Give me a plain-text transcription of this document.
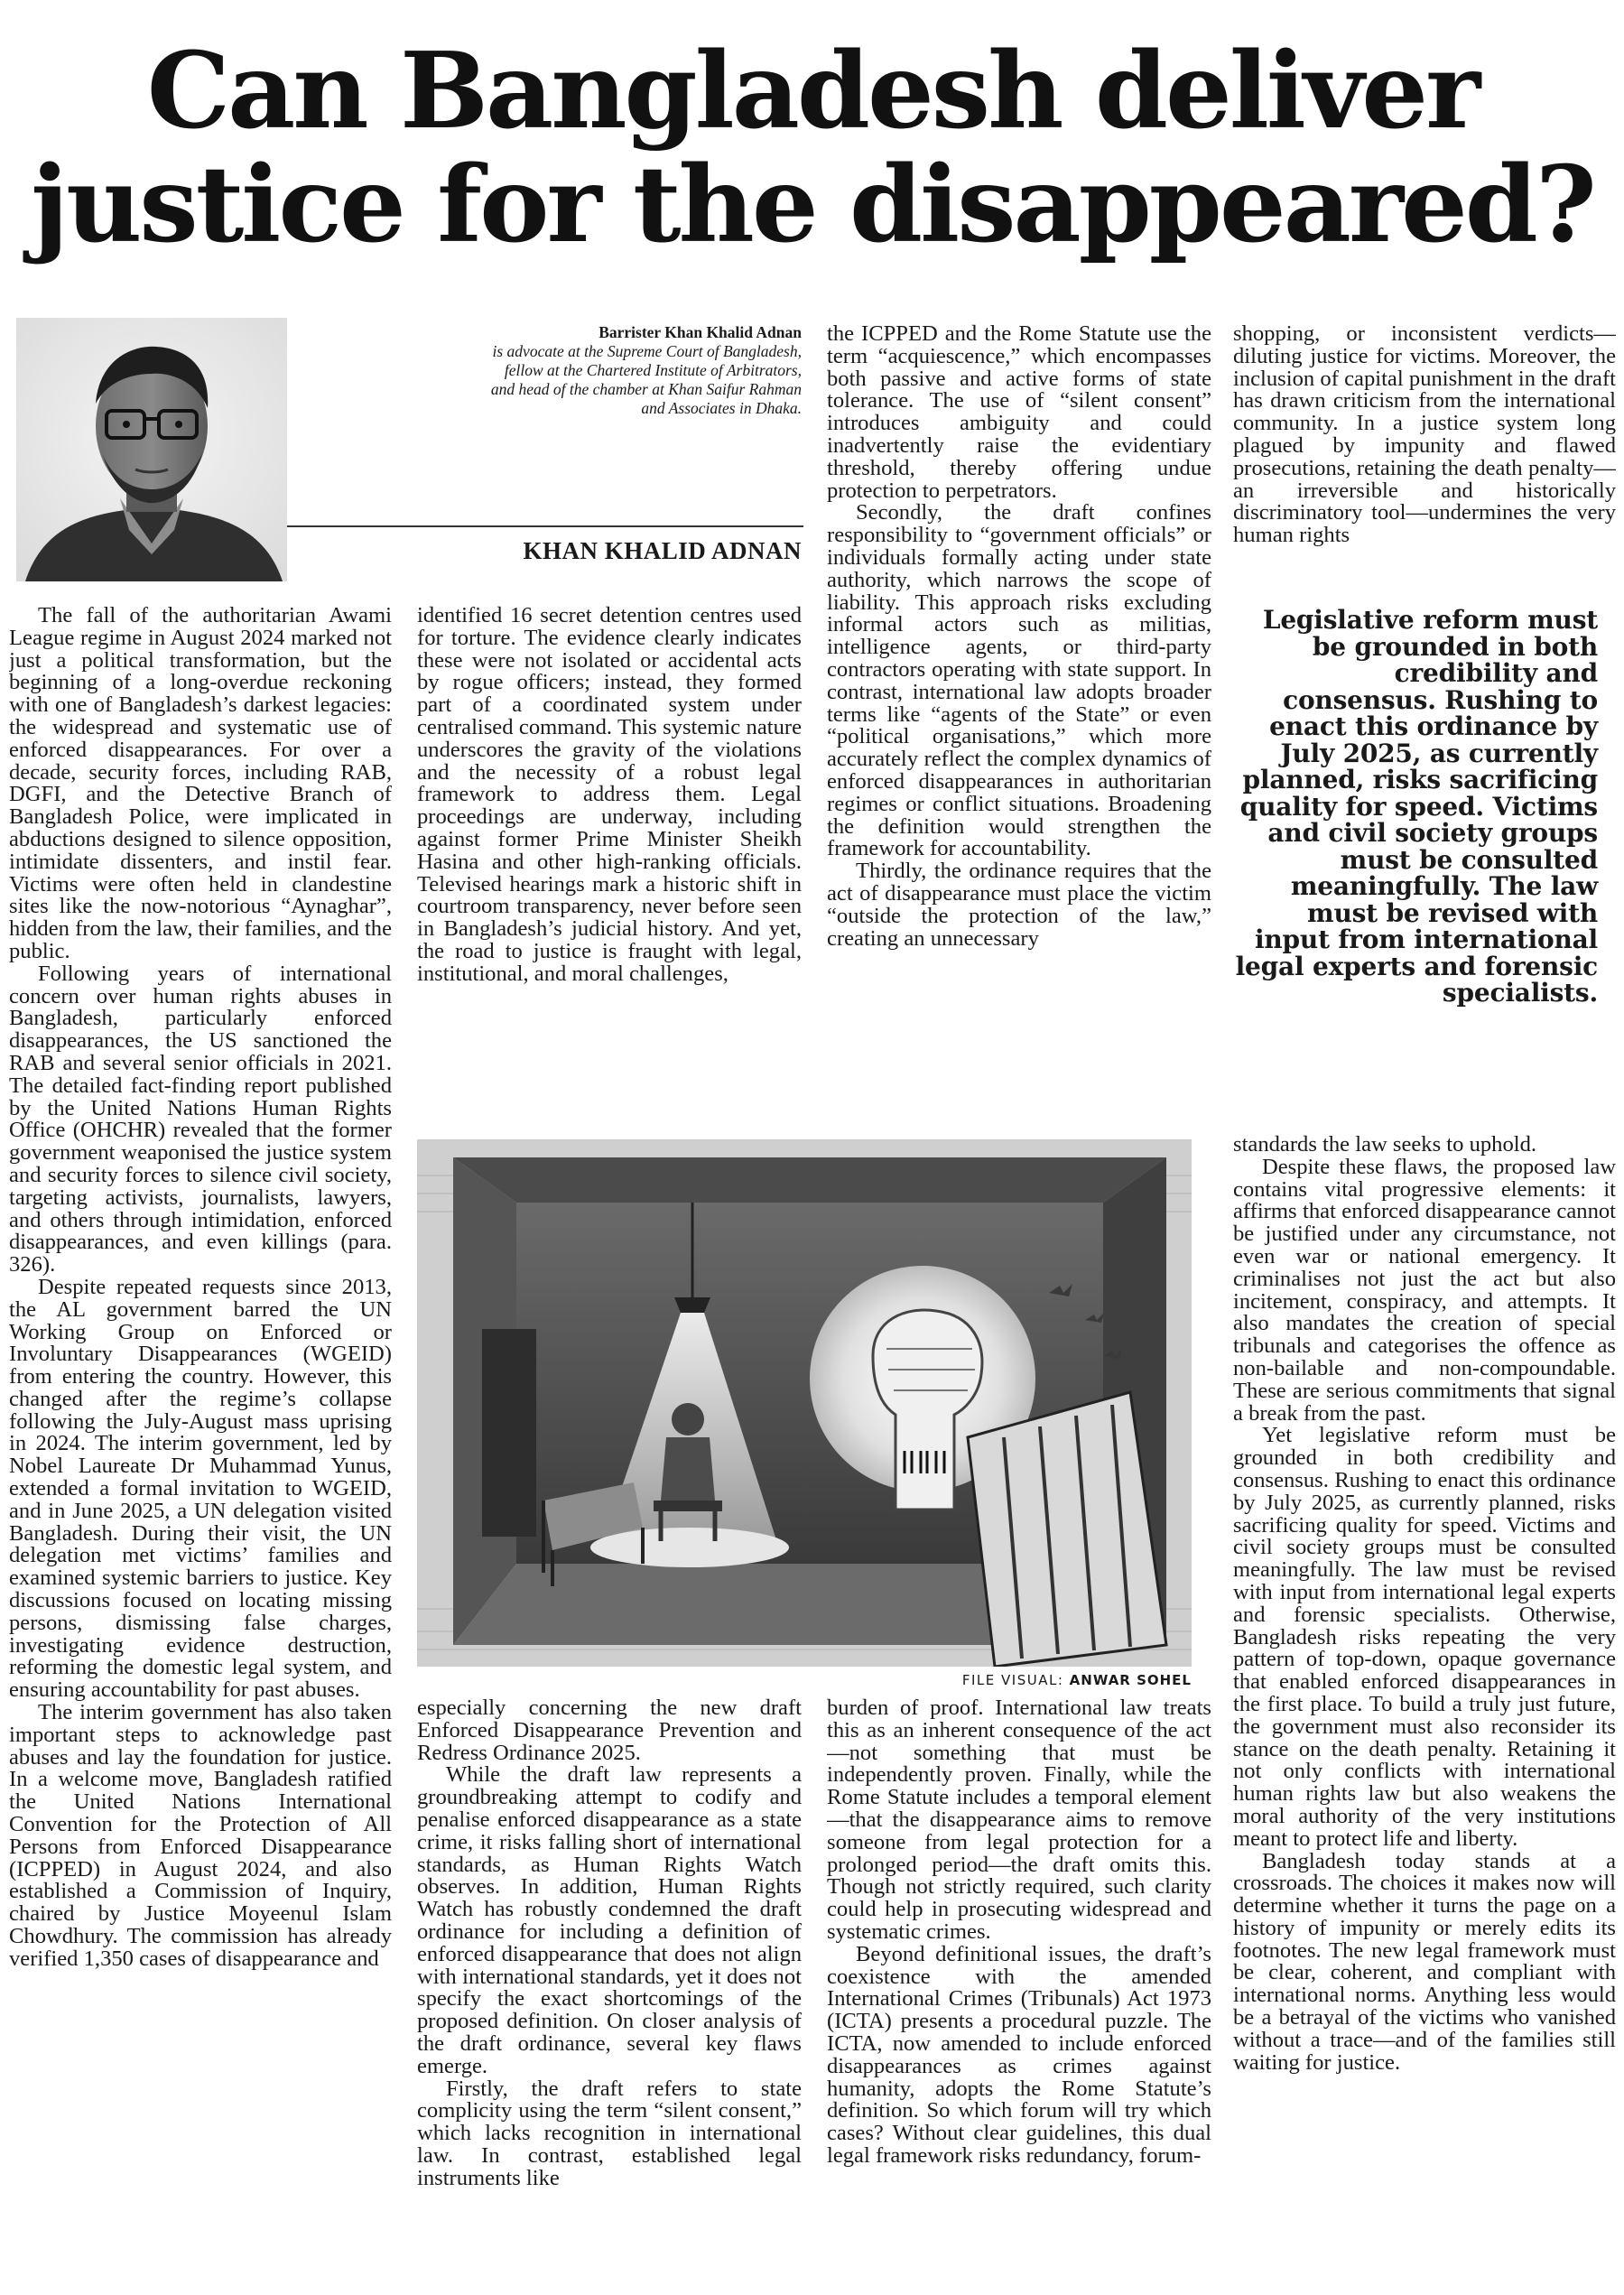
Can Bangladesh deliver
justice for the disappeared?
Barrister Khan Khalid Adnan
is advocate at the Supreme Court of Bangladesh,
fellow at the Chartered Institute of Arbitrators,
and head of the chamber at Khan Saifur Rahman
and Associates in Dhaka.
KHAN KHALID ADNAN

The fall of the authoritarian Awami League regime in August 2024 marked not just a political transformation, but the beginning of a long-overdue reckoning with one of Bangladesh’s darkest legacies: the widespread and systematic use of enforced disappearances. For over a decade, security forces, including RAB, DGFI, and the Detective Branch of Bangladesh Police, were implicated in abductions designed to silence opposition, intimidate dissenters, and instil fear. Victims were often held in clandestine sites like the now-notorious “Aynaghar”, hidden from the law, their families, and the public.

Following years of international concern over human rights abuses in Bangladesh, particularly enforced disappearances, the US sanctioned the RAB and several senior officials in 2021. The detailed fact-finding report published by the United Nations Human Rights Office (OHCHR) revealed that the former government weaponised the justice system and security forces to silence civil society, targeting activists, journalists, lawyers, and others through intimidation, enforced disappearances, and even killings (para. 326).

Despite repeated requests since 2013, the AL government barred the UN Working Group on Enforced or Involuntary Disappearances (WGEID) from entering the country. However, this changed after the regime’s collapse following the July-August mass uprising in 2024. The interim government, led by Nobel Laureate Dr Muhammad Yunus, extended a formal invitation to WGEID, and in June 2025, a UN delegation visited Bangladesh. During their visit, the UN delegation met victims’ families and examined systemic barriers to justice. Key discussions focused on locating missing persons, dismissing false charges, investigating evidence destruction, reforming the domestic legal system, and ensuring accountability for past abuses.

The interim government has also taken important steps to acknowledge past abuses and lay the foundation for justice. In a welcome move, Bangladesh ratified the United Nations International Convention for the Protection of All Persons from Enforced Disappearance (ICPPED) in August 2024, and also established a Commission of Inquiry, chaired by Justice Moyeenul Islam Chowdhury. The commission has already verified 1,350 cases of disappearance and

identified 16 secret detention centres used for torture. The evidence clearly indicates these were not isolated or accidental acts by rogue officers; instead, they formed part of a coordinated system under centralised command. This systemic nature underscores the gravity of the violations and the necessity of a robust legal framework to address them. Legal proceedings are underway, including against former Prime Minister Sheikh Hasina and other high-ranking officials. Televised hearings mark a historic shift in courtroom transparency, never before seen in Bangladesh’s judicial history. And yet, the road to justice is fraught with legal, institutional, and moral challenges,

the ICPPED and the Rome Statute use the term “acquiescence,” which encompasses both passive and active forms of state tolerance. The use of “silent consent” introduces ambiguity and could inadvertently raise the evidentiary threshold, thereby offering undue protection to perpetrators.

Secondly, the draft confines responsibility to “government officials” or individuals formally acting under state authority, which narrows the scope of liability. This approach risks excluding informal actors such as militias, intelligence agents, or third-party contractors operating with state support. In contrast, international law adopts broader terms like “agents of the State” or even “political organisations,” which more accurately reflect the complex dynamics of enforced disappearances in authoritarian regimes or conflict situations. Broadening the definition would strengthen the framework for accountability.

Thirdly, the ordinance requires that the act of disappearance must place the victim “outside the protection of the law,” creating an unnecessary

shopping, or inconsistent verdicts—diluting justice for victims. Moreover, the inclusion of capital punishment in the draft has drawn criticism from the international community. In a justice system long plagued by impunity and flawed prosecutions, retaining the death penalty—an irreversible and historically discriminatory tool—undermines the very human rights

Legislative reform must be grounded in both credibility and consensus. Rushing to enact this ordinance by July 2025, as currently planned, risks sacrificing quality for speed. Victims and civil society groups must be consulted meaningfully. The law must be revised with input from international legal experts and forensic specialists.
FILE VISUAL: ANWAR SOHEL

especially concerning the new draft Enforced Disappearance Prevention and Redress Ordinance 2025.

While the draft law represents a groundbreaking attempt to codify and penalise enforced disappearance as a state crime, it risks falling short of international standards, as Human Rights Watch observes. In addition, Human Rights Watch has robustly condemned the draft ordinance for including a definition of enforced disappearance that does not align with international standards, yet it does not specify the exact shortcomings of the proposed definition. On closer analysis of the draft ordinance, several key flaws emerge.

Firstly, the draft refers to state complicity using the term “silent consent,” which lacks recognition in international law. In contrast, established legal instruments like

burden of proof. International law treats this as an inherent consequence of the act—not something that must be independently proven. Finally, while the Rome Statute includes a temporal element—that the disappearance aims to remove someone from legal protection for a prolonged period—the draft omits this. Though not strictly required, such clarity could help in prosecuting widespread and systematic crimes.

Beyond definitional issues, the draft’s coexistence with the amended International Crimes (Tribunals) Act 1973 (ICTA) presents a procedural puzzle. The ICTA, now amended to include enforced disappearances as crimes against humanity, adopts the Rome Statute’s definition. So which forum will try which cases? Without clear guidelines, this dual legal framework risks redundancy, forum-

standards the law seeks to uphold.

Despite these flaws, the proposed law contains vital progressive elements: it affirms that enforced disappearance cannot be justified under any circumstance, not even war or national emergency. It criminalises not just the act but also incitement, conspiracy, and attempts. It also mandates the creation of special tribunals and categorises the offence as non-bailable and non-compoundable. These are serious commitments that signal a break from the past.

Yet legislative reform must be grounded in both credibility and consensus. Rushing to enact this ordinance by July 2025, as currently planned, risks sacrificing quality for speed. Victims and civil society groups must be consulted meaningfully. The law must be revised with input from international legal experts and forensic specialists. Otherwise, Bangladesh risks repeating the very pattern of top-down, opaque governance that enabled enforced disappearances in the first place. To build a truly just future, the government must also reconsider its stance on the death penalty. Retaining it not only conflicts with international human rights law but also weakens the moral authority of the very institutions meant to protect life and liberty.

Bangladesh today stands at a crossroads. The choices it makes now will determine whether it turns the page on a history of impunity or merely edits its footnotes. The new legal framework must be clear, coherent, and compliant with international norms. Anything less would be a betrayal of the victims who vanished without a trace—and of the families still waiting for justice.
